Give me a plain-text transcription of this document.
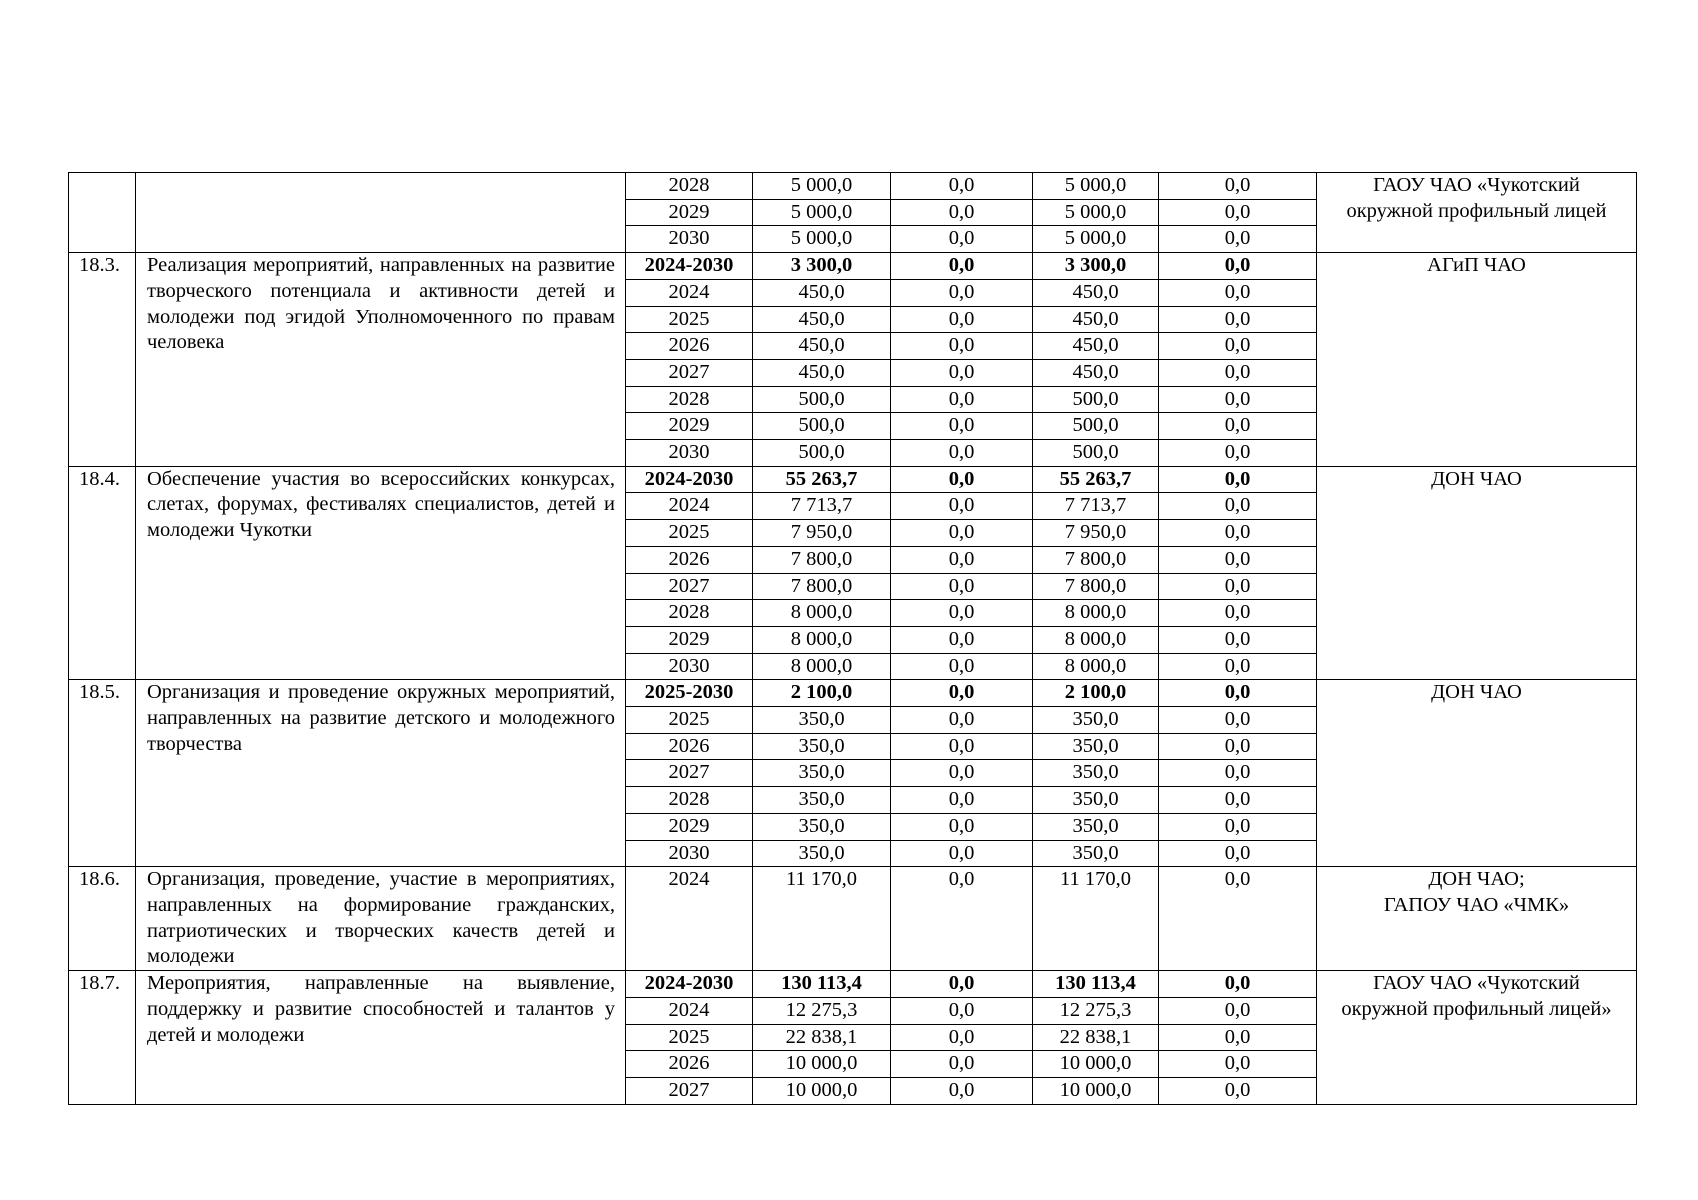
		2028	5 000,0	0,0	5 000,0	0,0	ГАОУ ЧАО «Чукотский
окружной профильный лицей

		2029	5 000,0	0,0	5 000,0	0,0	
		2030	5 000,0	0,0	5 000,0	0,0	
18.3.	Реализация мероприятий, направленных на развитие творческого потенциала и активности детей и молодежи под эгидой Уполномоченного по правам человека	2024-2030	3 300,0	0,0	3 300,0	0,0	АГиП ЧАО

		2024	450,0	0,0	450,0	0,0	
		2025	450,0	0,0	450,0	0,0	
		2026	450,0	0,0	450,0	0,0	
		2027	450,0	0,0	450,0	0,0	
		2028	500,0	0,0	500,0	0,0	
		2029	500,0	0,0	500,0	0,0	
		2030	500,0	0,0	500,0	0,0	
18.4.	Обеспечение участия во всероссийских конкурсах, слетах, форумах, фестивалях специалистов, детей и молодежи Чукотки	2024-2030	55 263,7	0,0	55 263,7	0,0	ДОН ЧАО

		2024	7 713,7	0,0	7 713,7	0,0	
		2025	7 950,0	0,0	7 950,0	0,0	
		2026	7 800,0	0,0	7 800,0	0,0	
		2027	7 800,0	0,0	7 800,0	0,0	
		2028	8 000,0	0,0	8 000,0	0,0	
		2029	8 000,0	0,0	8 000,0	0,0	
		2030	8 000,0	0,0	8 000,0	0,0	
18.5.	Организация и проведение окружных мероприятий, направленных на развитие детского и молодежного творчества	2025-2030	2 100,0	0,0	2 100,0	0,0	ДОН ЧАО

		2025	350,0	0,0	350,0	0,0	
		2026	350,0	0,0	350,0	0,0	
		2027	350,0	0,0	350,0	0,0	
		2028	350,0	0,0	350,0	0,0	
		2029	350,0	0,0	350,0	0,0	
		2030	350,0	0,0	350,0	0,0	
18.6.	Организация, проведение, участие в мероприятиях, направленных на формирование гражданских, патриотических и творческих качеств детей и молодежи	2024	11 170,0	0,0	11 170,0	0,0	ДОН ЧАО;
ГАПОУ ЧАО «ЧМК»

18.7.	Мероприятия, направленные на выявление, поддержку и развитие способностей и талантов у детей и молодежи	2024-2030	130 113,4	0,0	130 113,4	0,0	ГАОУ ЧАО «Чукотский
окружной профильный лицей»

		2024	12 275,3	0,0	12 275,3	0,0	
		2025	22 838,1	0,0	22 838,1	0,0	
		2026	10 000,0	0,0	10 000,0	0,0	
		2027	10 000,0	0,0	10 000,0	0,0	
